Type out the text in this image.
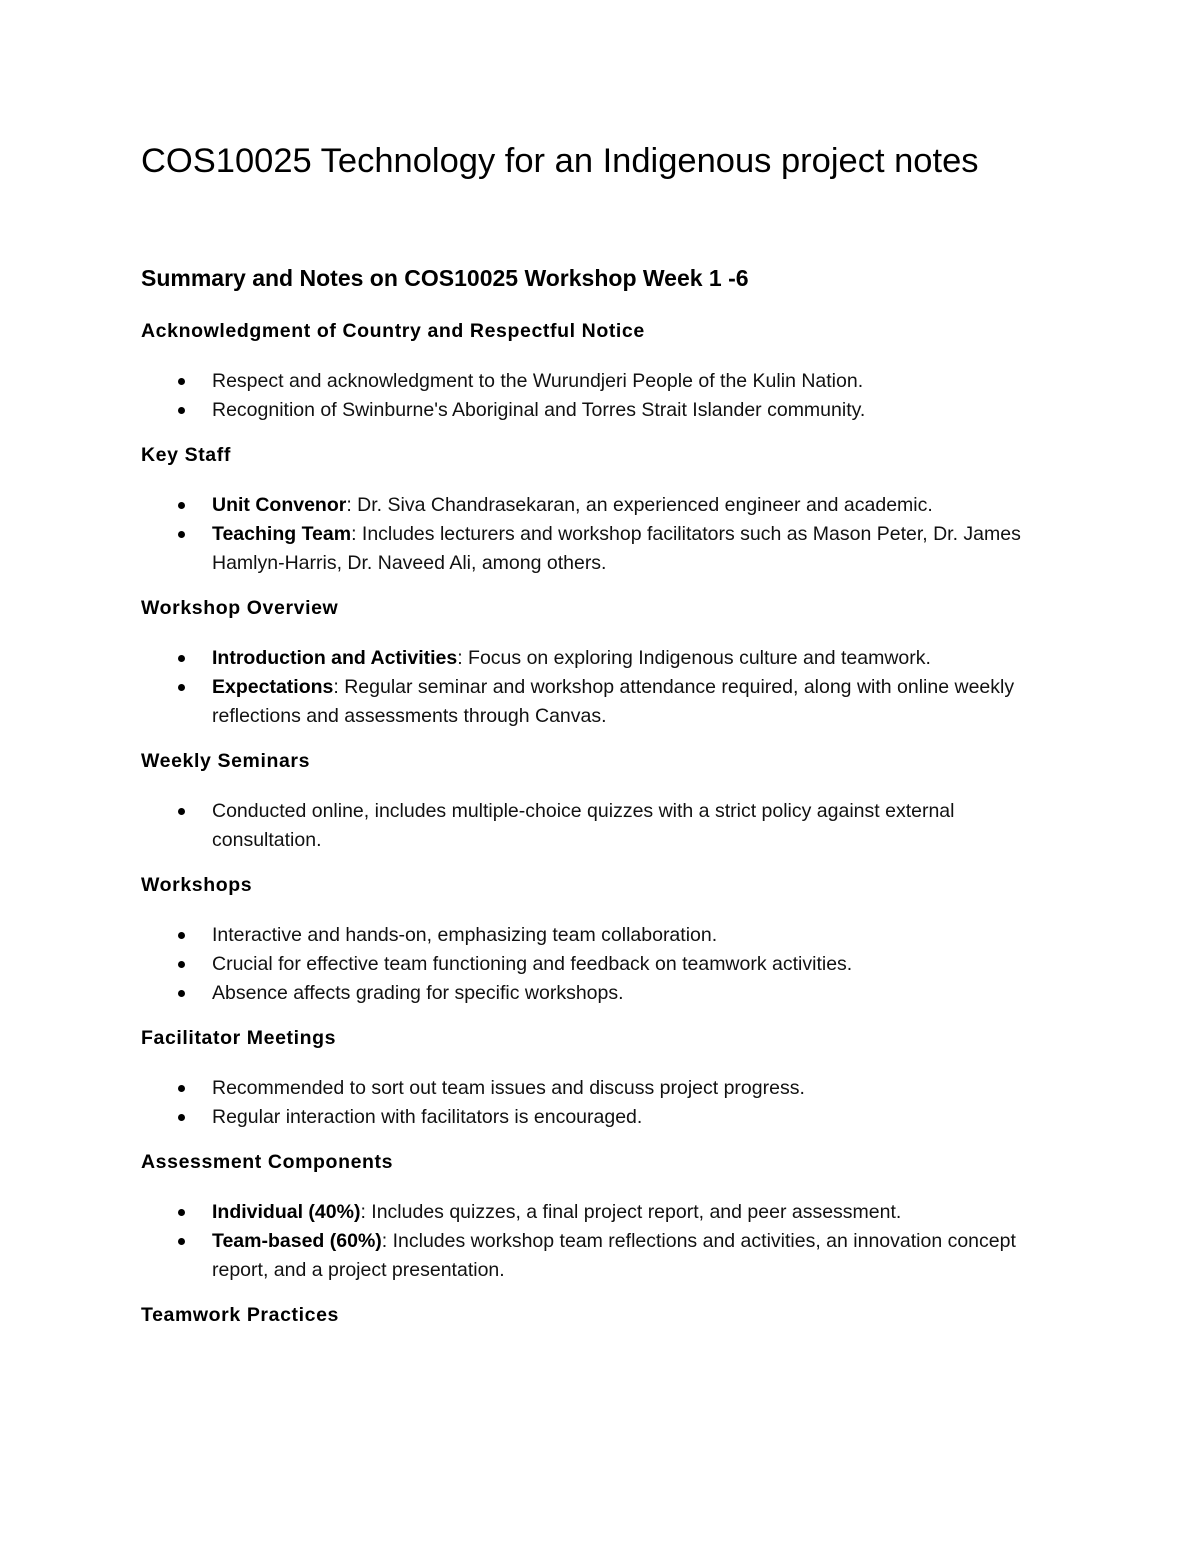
COS10025 Technology for an Indigenous project notes
Summary and Notes on COS10025 Workshop Week 1 -6
Acknowledgment of Country and Respectful Notice
Respect and acknowledgment to the Wurundjeri People of the Kulin Nation.
Recognition of Swinburne's Aboriginal and Torres Strait Islander community.
Key Staff
Unit Convenor: Dr. Siva Chandrasekaran, an experienced engineer and academic.
Teaching Team: Includes lecturers and workshop facilitators such as Mason Peter, Dr. James Hamlyn-Harris, Dr. Naveed Ali, among others.
Workshop Overview
Introduction and Activities: Focus on exploring Indigenous culture and teamwork.
Expectations: Regular seminar and workshop attendance required, along with online weekly reflections and assessments through Canvas.
Weekly Seminars
Conducted online, includes multiple-choice quizzes with a strict policy against external consultation.
Workshops
Interactive and hands-on, emphasizing team collaboration.
Crucial for effective team functioning and feedback on teamwork activities.
Absence affects grading for specific workshops.
Facilitator Meetings
Recommended to sort out team issues and discuss project progress.
Regular interaction with facilitators is encouraged.
Assessment Components
Individual (40%): Includes quizzes, a final project report, and peer assessment.
Team-based (60%): Includes workshop team reflections and activities, an innovation concept report, and a project presentation.
Teamwork Practices
